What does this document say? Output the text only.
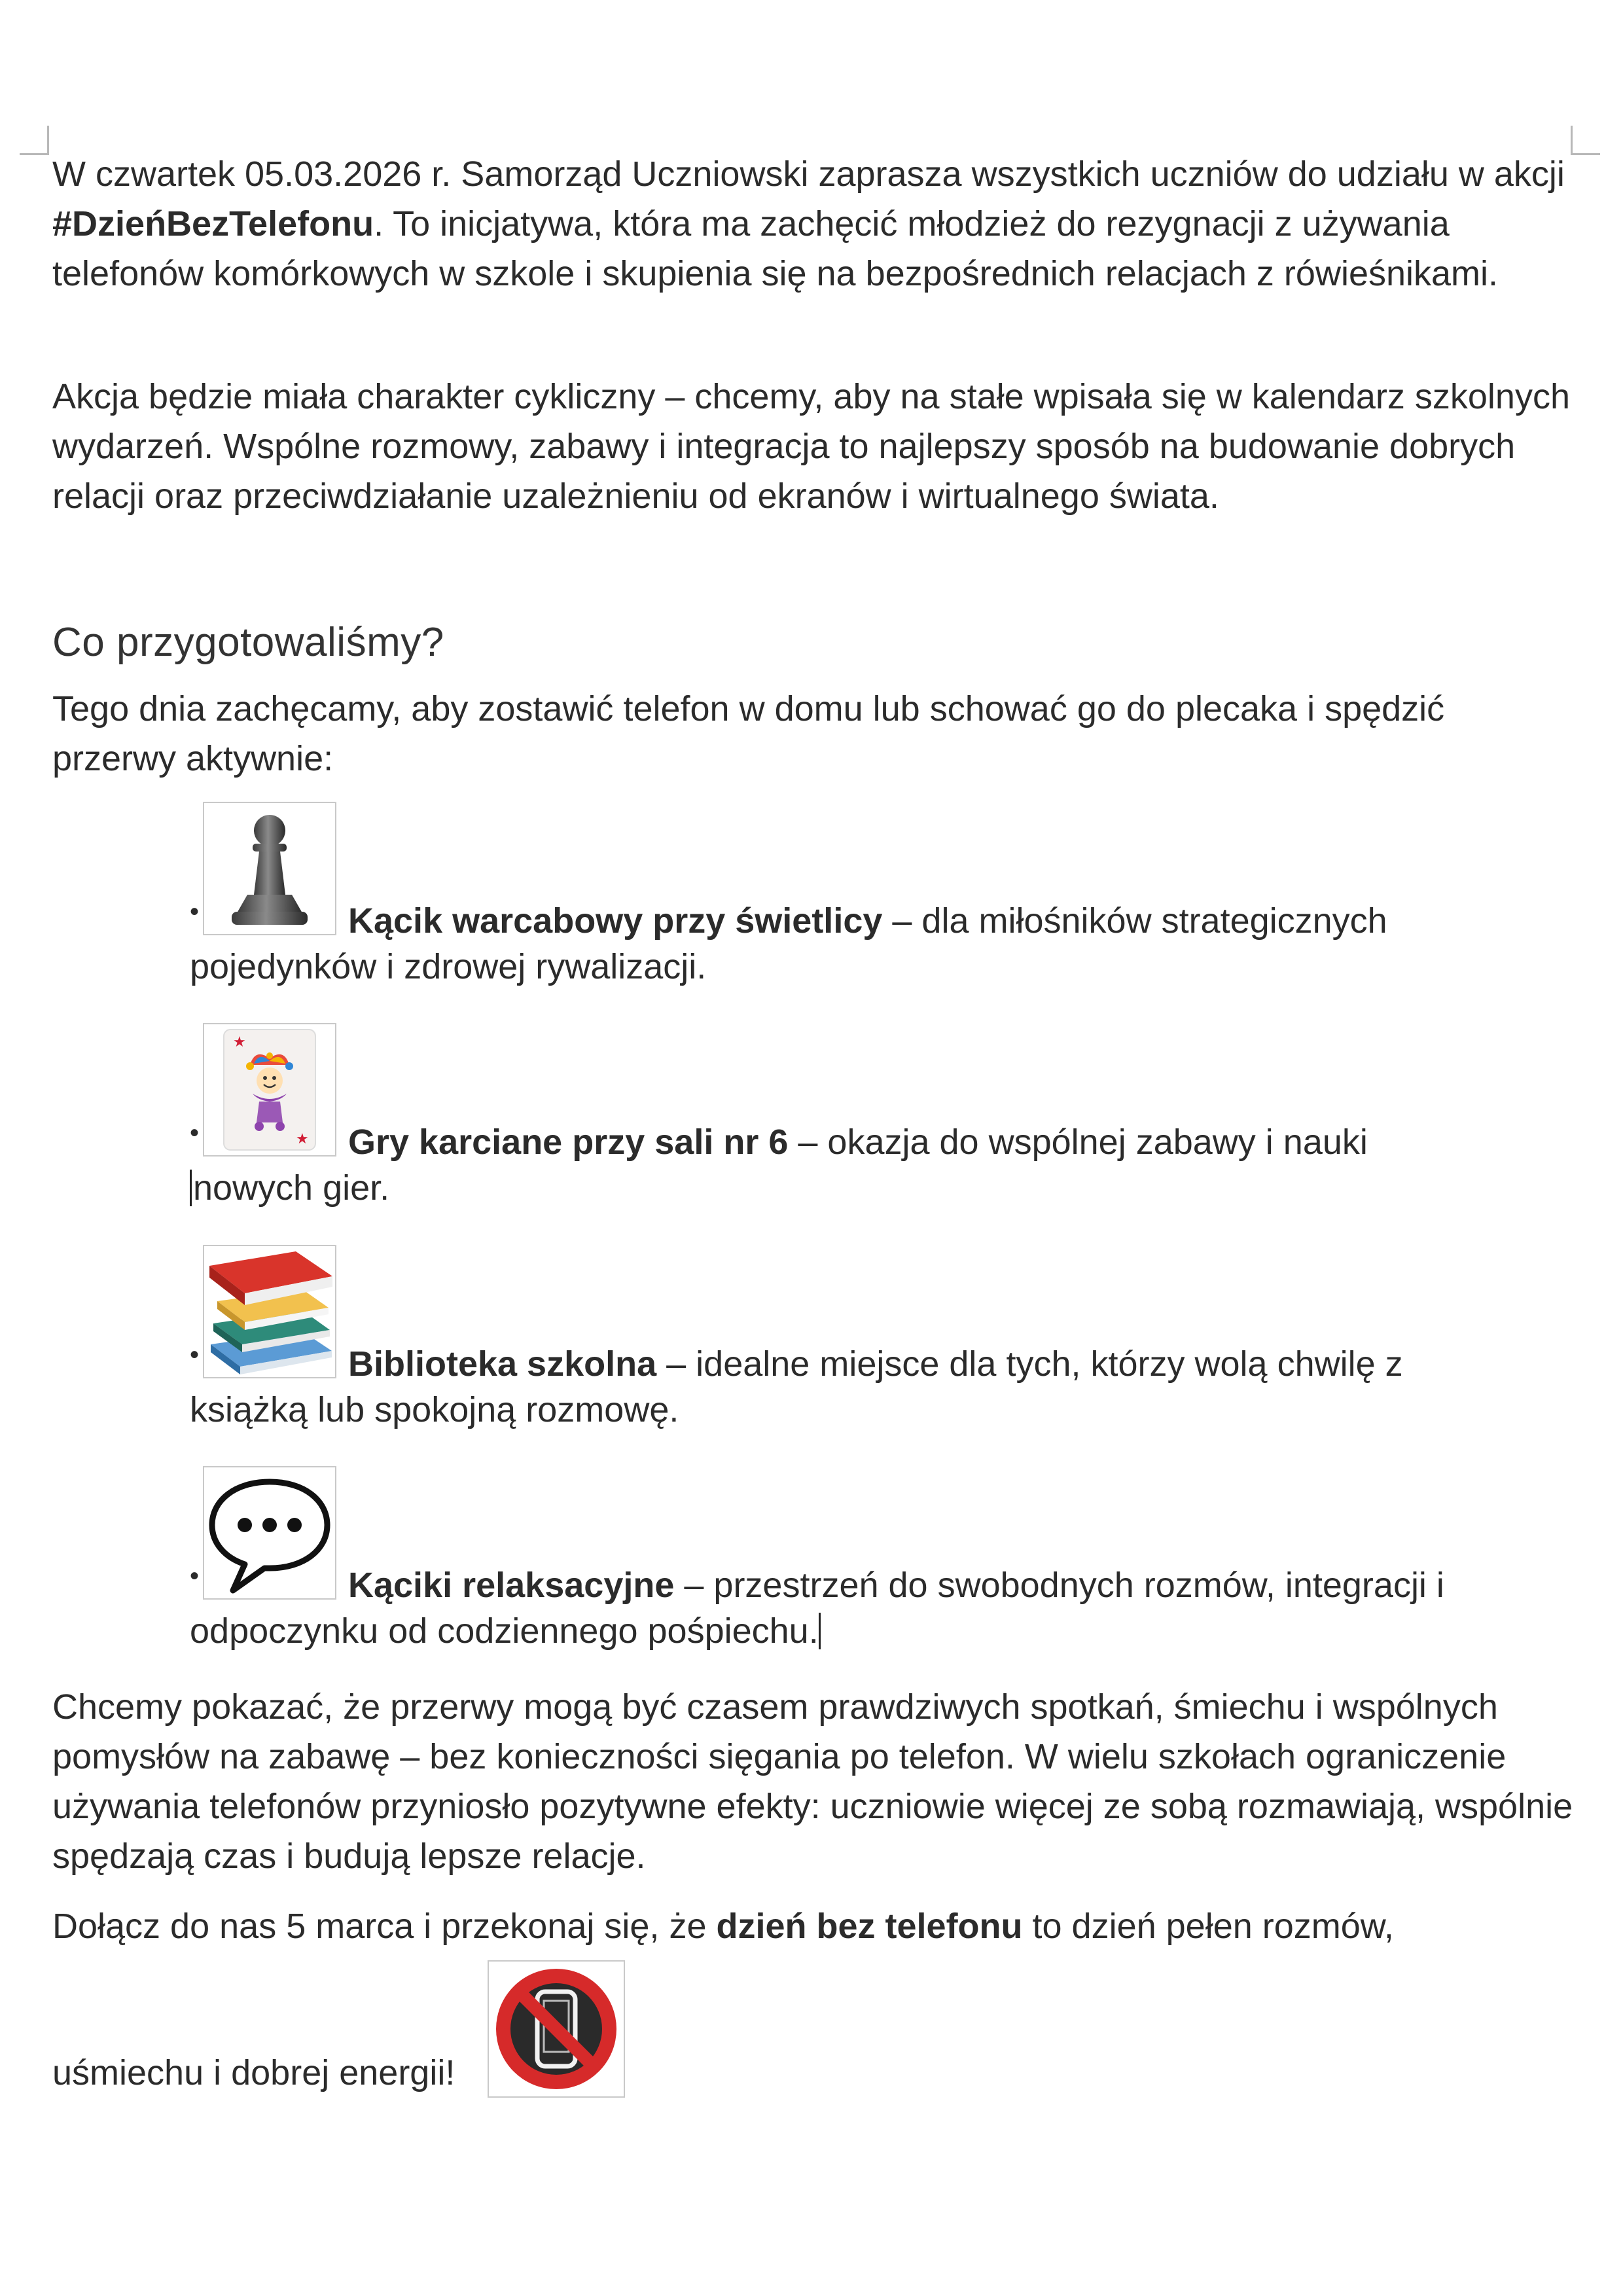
W czwartek 05.03.2026 r. Samorząd Uczniowski zaprasza wszystkich uczniów do udziału w akcji #DzieńBezTelefonu. To inicjatywa, która ma zachęcić młodzież do rezygnacji z używania telefonów komórkowych w szkole i skupienia się na bezpośrednich relacjach z rówieśnikami.

Akcja będzie miała charakter cykliczny – chcemy, aby na stałe wpisała się w kalendarz szkolnych wydarzeń. Wspólne rozmowy, zabawy i integracja to najlepszy sposób na budowanie dobrych relacji oraz przeciwdziałanie uzależnieniu od ekranów i wirtualnego świata.

Co przygotowaliśmy?

Tego dnia zachęcamy, aby zostawić telefon w domu lub schować go do plecaka i spędzić przerwy aktywnie:

•	Kącik warcabowy przy świetlicy – dla miłośników strategicznych
pojedynków i zdrowej rywalizacji.
•
★
★ Gry karciane przy sali nr 6 – okazja do wspólnej zabawy i nauki
nowych gier.
•	Biblioteka szkolna – idealne miejsce dla tych, którzy wolą chwilę z
książką lub spokojną rozmowę.
•	Kąciki relaksacyjne – przestrzeń do swobodnych rozmów, integracji i
odpoczynku od codziennego pośpiechu.

Chcemy pokazać, że przerwy mogą być czasem prawdziwych spotkań, śmiechu i wspólnych pomysłów na zabawę – bez konieczności sięgania po telefon. W wielu szkołach ograniczenie używania telefonów przyniosło pozytywne efekty: uczniowie więcej ze sobą rozmawiają, wspólnie spędzają czas i budują lepsze relacje.

Dołącz do nas 5 marca i przekonaj się, że dzień bez telefonu to dzień pełen rozmów,

uśmiechu i dobrej energii!
